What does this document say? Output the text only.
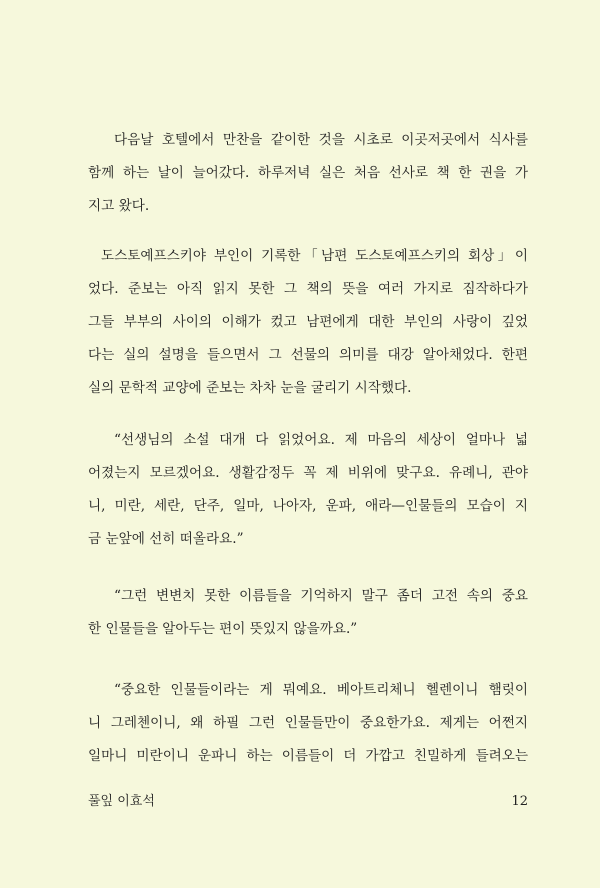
다음날 호텔에서 만찬을 같이한 것을 시초로 이곳저곳에서 식사를
함께 하는 날이 늘어갔다. 하루저녁 실은 처음 선사로 책 한 권을 가
지고 왔다.
도스토예프스키야 부인이 기록한「남편 도스토예프스키의 회상」이
었다. 준보는 아직 읽지 못한 그 책의 뜻을 여러 가지로 짐작하다가
그들 부부의 사이의 이해가 컸고 남편에게 대한 부인의 사랑이 깊었
다는 실의 설명을 들으면서 그 선물의 의미를 대강 알아채었다. 한편
실의 문학적 교양에 준보는 차차 눈을 굴리기 시작했다.
“선생님의 소설 대개 다 읽었어요. 제 마음의 세상이 얼마나 넓
어졌는지 모르겠어요. 생활감정두 꼭 제 비위에 맞구요. 유례니, 관야
니, 미란, 세란, 단주, 일마, 나아자, 운파, 애라—인물들의 모습이 지
금 눈앞에 선히 떠올라요.”
“그런 변변치 못한 이름들을 기억하지 말구 좀더 고전 속의 중요
한 인물들을 알아두는 편이 뜻있지 않을까요.”
“중요한 인물들이라는 게 뭐예요. 베아트리체니 헬렌이니 햄릿이
니 그레첸이니, 왜 하필 그런 인물들만이 중요한가요. 제게는 어쩐지
일마니 미란이니 운파니 하는 이름들이 더 가깝고 친밀하게 들려오는
풀잎 이효석	12
